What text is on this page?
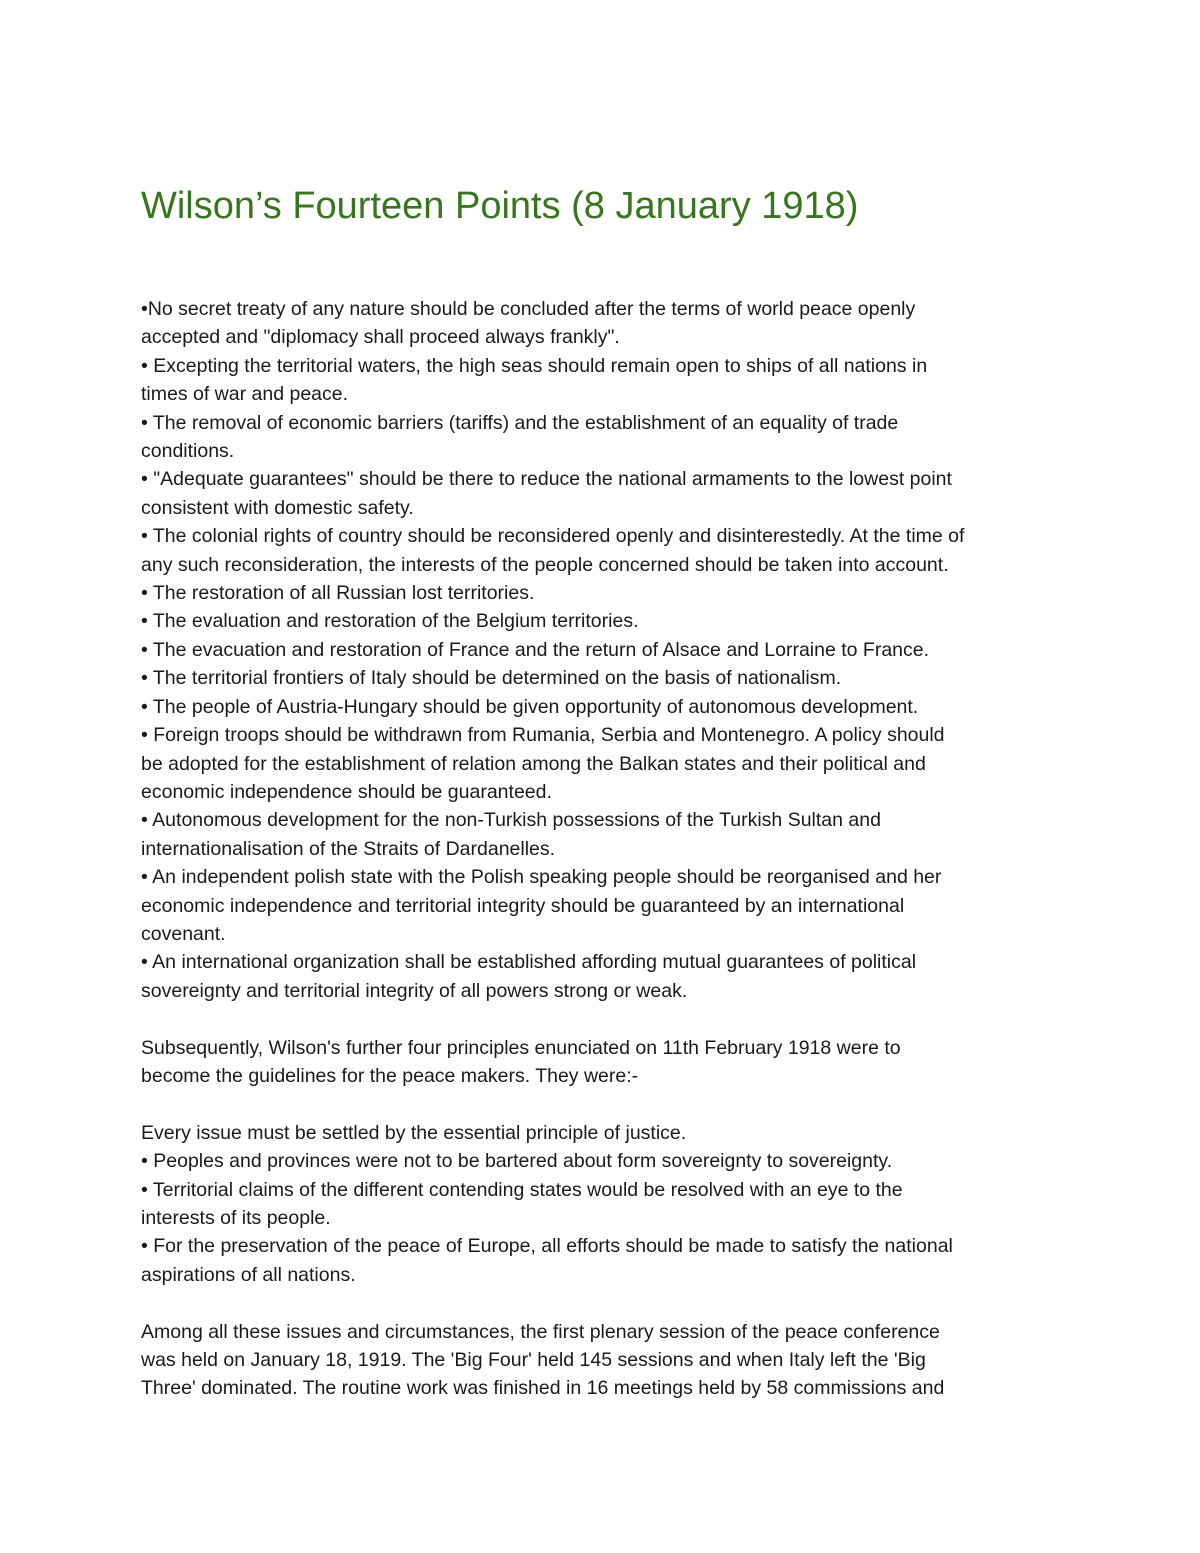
Wilson’s Fourteen Points (8 January 1918)
•No secret treaty of any nature should be concluded after the terms of world peace openly
accepted and "diplomacy shall proceed always frankly".
• Excepting the territorial waters, the high seas should remain open to ships of all nations in
times of war and peace.
• The removal of economic barriers (tariffs) and the establishment of an equality of trade
conditions.
• "Adequate guarantees" should be there to reduce the national armaments to the lowest point
consistent with domestic safety.
• The colonial rights of country should be reconsidered openly and disinterestedly. At the time of
any such reconsideration, the interests of the people concerned should be taken into account.
• The restoration of all Russian lost territories.
• The evaluation and restoration of the Belgium territories.
• The evacuation and restoration of France and the return of Alsace and Lorraine to France.
• The territorial frontiers of Italy should be determined on the basis of nationalism.
• The people of Austria-Hungary should be given opportunity of autonomous development.
• Foreign troops should be withdrawn from Rumania, Serbia and Montenegro. A policy should
be adopted for the establishment of relation among the Balkan states and their political and
economic independence should be guaranteed.
• Autonomous development for the non-Turkish possessions of the Turkish Sultan and
internationalisation of the Straits of Dardanelles.
• An independent polish state with the Polish speaking people should be reorganised and her
economic independence and territorial integrity should be guaranteed by an international
covenant.
• An international organization shall be established affording mutual guarantees of political
sovereignty and territorial integrity of all powers strong or weak.
Subsequently, Wilson's further four principles enunciated on 11th February 1918 were to
become the guidelines for the peace makers. They were:-
Every issue must be settled by the essential principle of justice.
• Peoples and provinces were not to be bartered about form sovereignty to sovereignty.
• Territorial claims of the different contending states would be resolved with an eye to the
interests of its people.
• For the preservation of the peace of Europe, all efforts should be made to satisfy the national
aspirations of all nations.
Among all these issues and circumstances, the first plenary session of the peace conference
was held on January 18, 1919. The 'Big Four' held 145 sessions and when Italy left the 'Big
Three' dominated. The routine work was finished in 16 meetings held by 58 commissions and
